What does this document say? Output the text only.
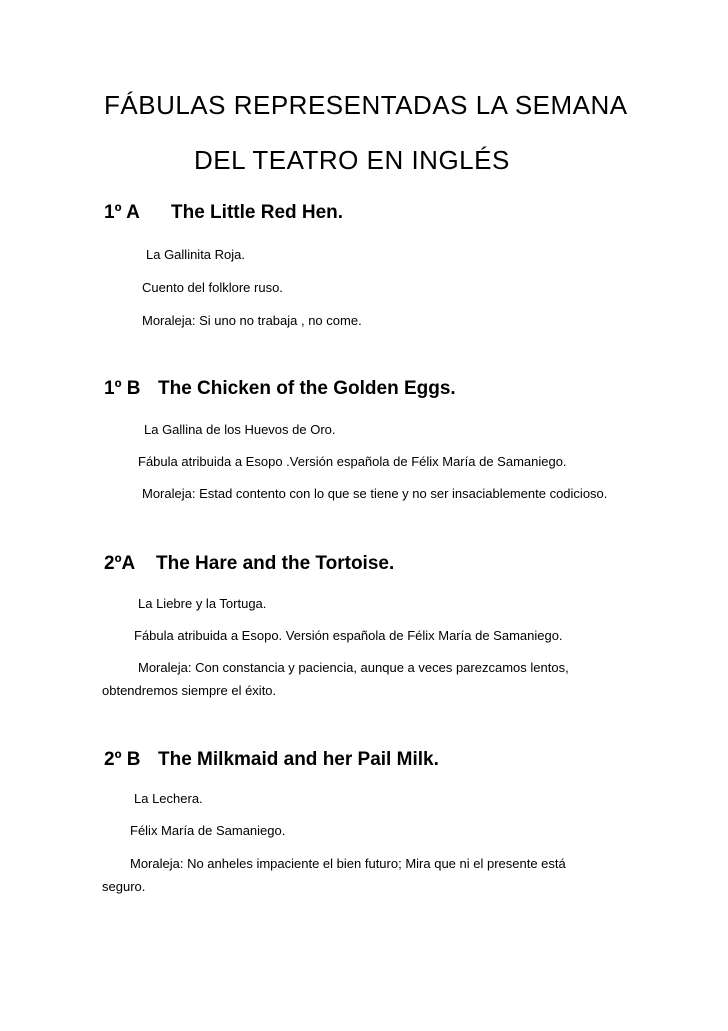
FÁBULAS REPRESENTADAS LA SEMANA
DEL TEATRO EN INGLÉS
1º A The Little Red Hen.
La Gallinita Roja.
Cuento del folklore ruso.
Moraleja: Si uno no trabaja , no come.
1º B The Chicken of the Golden Eggs.
La Gallina de los Huevos de Oro.
Fábula atribuida a Esopo .Versión española de Félix María de Samaniego.
Moraleja: Estad contento con lo que se tiene y no ser insaciablemente codicioso.
2ºA The Hare and the Tortoise.
La Liebre y la Tortuga.
Fábula atribuida a Esopo. Versión española de Félix María de Samaniego.
Moraleja: Con constancia y paciencia, aunque a veces parezcamos lentos,
obtendremos siempre el éxito.
2º B The Milkmaid and her Pail Milk.
La Lechera.
Félix María de Samaniego.
Moraleja: No anheles impaciente el bien futuro; Mira que ni el presente está
seguro.
